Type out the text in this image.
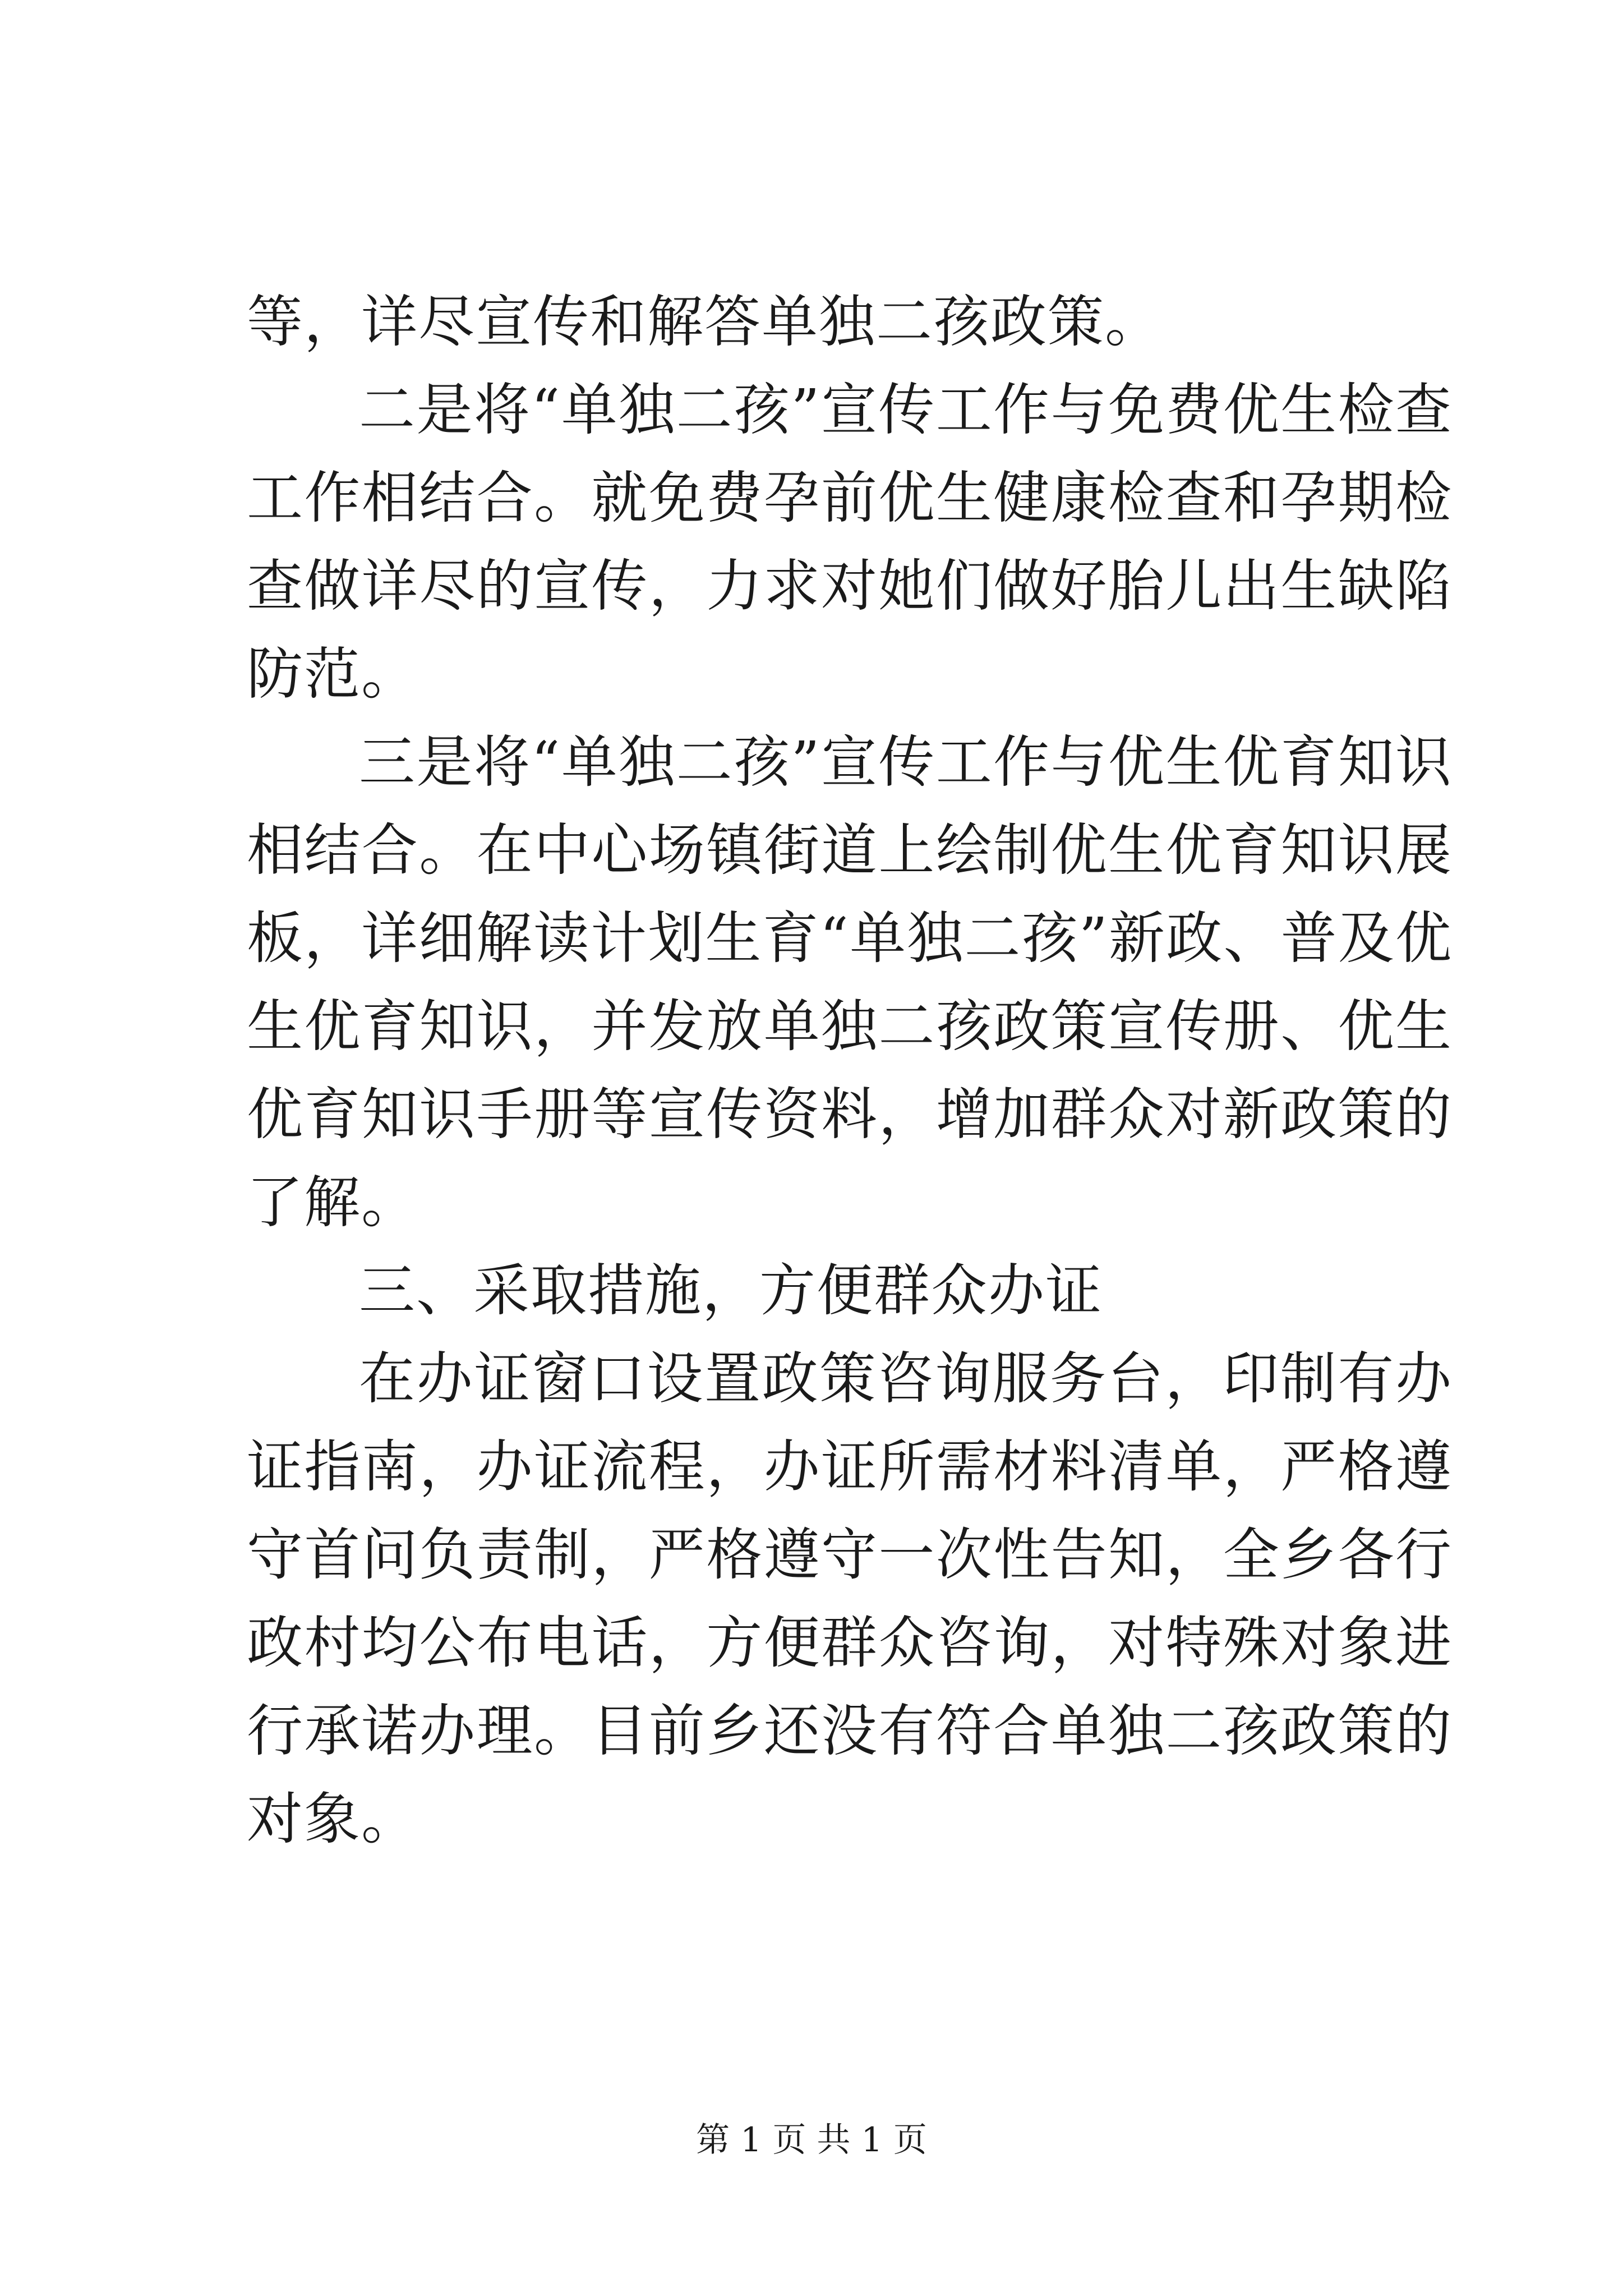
等，详尽宣传和解答单独二孩政策。

二是将“单独二孩”宣传工作与免费优生检查工作相结合。就免费孕前优生健康检查和孕期检查做详尽的宣传，力求对她们做好胎儿出生缺陷防范。

三是将“单独二孩”宣传工作与优生优育知识相结合。在中心场镇街道上绘制优生优育知识展板，详细解读计划生育“单独二孩”新政、普及优生优育知识，并发放单独二孩政策宣传册、优生优育知识手册等宣传资料，增加群众对新政策的了解。

三、采取措施，方便群众办证

在办证窗口设置政策咨询服务台，印制有办证指南，办证流程，办证所需材料清单，严格遵守首问负责制，严格遵守一次性告知，全乡各行政村均公布电话，方便群众咨询，对特殊对象进行承诺办理。目前乡还没有符合单独二孩政策的对象。

第 1 页 共 1 页
